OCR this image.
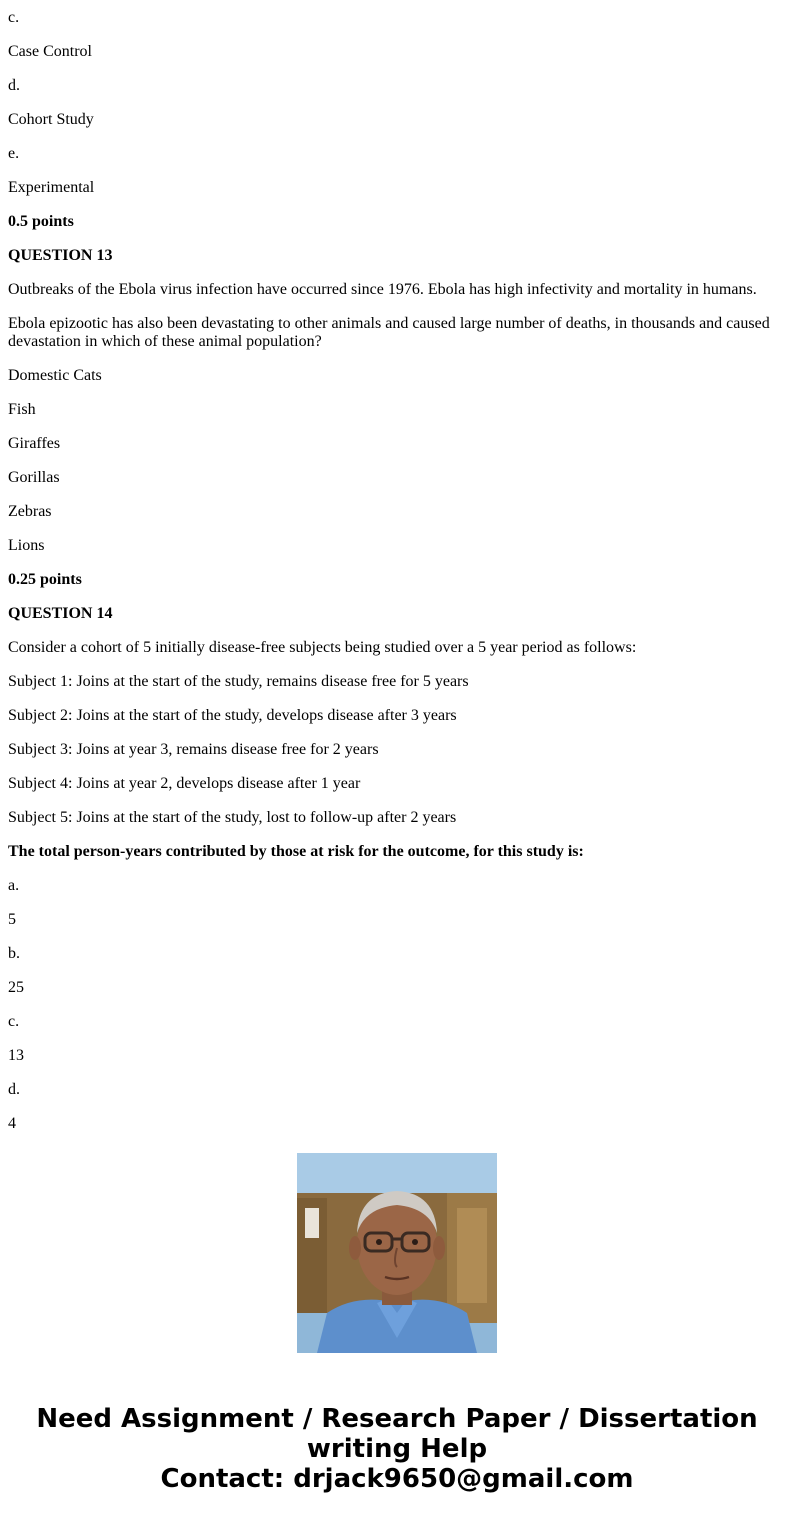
c.
Case Control
d.
Cohort Study
e.
Experimental
0.5 points
QUESTION 13
Outbreaks of the Ebola virus infection have occurred since 1976. Ebola has high infectivity and mortality in humans.
Ebola epizootic has also been devastating to other animals and caused large number of deaths, in thousands and caused devastation in which of these animal population?
Domestic Cats
Fish
Giraffes
Gorillas
Zebras
Lions
0.25 points
QUESTION 14
Consider a cohort of 5 initially disease-free subjects being studied over a 5 year period as follows:
Subject 1: Joins at the start of the study, remains disease free for 5 years
Subject 2: Joins at the start of the study, develops disease after 3 years
Subject 3: Joins at year 3, remains disease free for 2 years
Subject 4: Joins at year 2, develops disease after 1 year
Subject 5: Joins at the start of the study, lost to follow-up after 2 years
The total person-years contributed by those at risk for the outcome, for this study is:
a.
5
b.
25
c.
13
d.
4
Need Assignment / Research Paper / Dissertation
writing Help
Contact: drjack9650@gmail.com
